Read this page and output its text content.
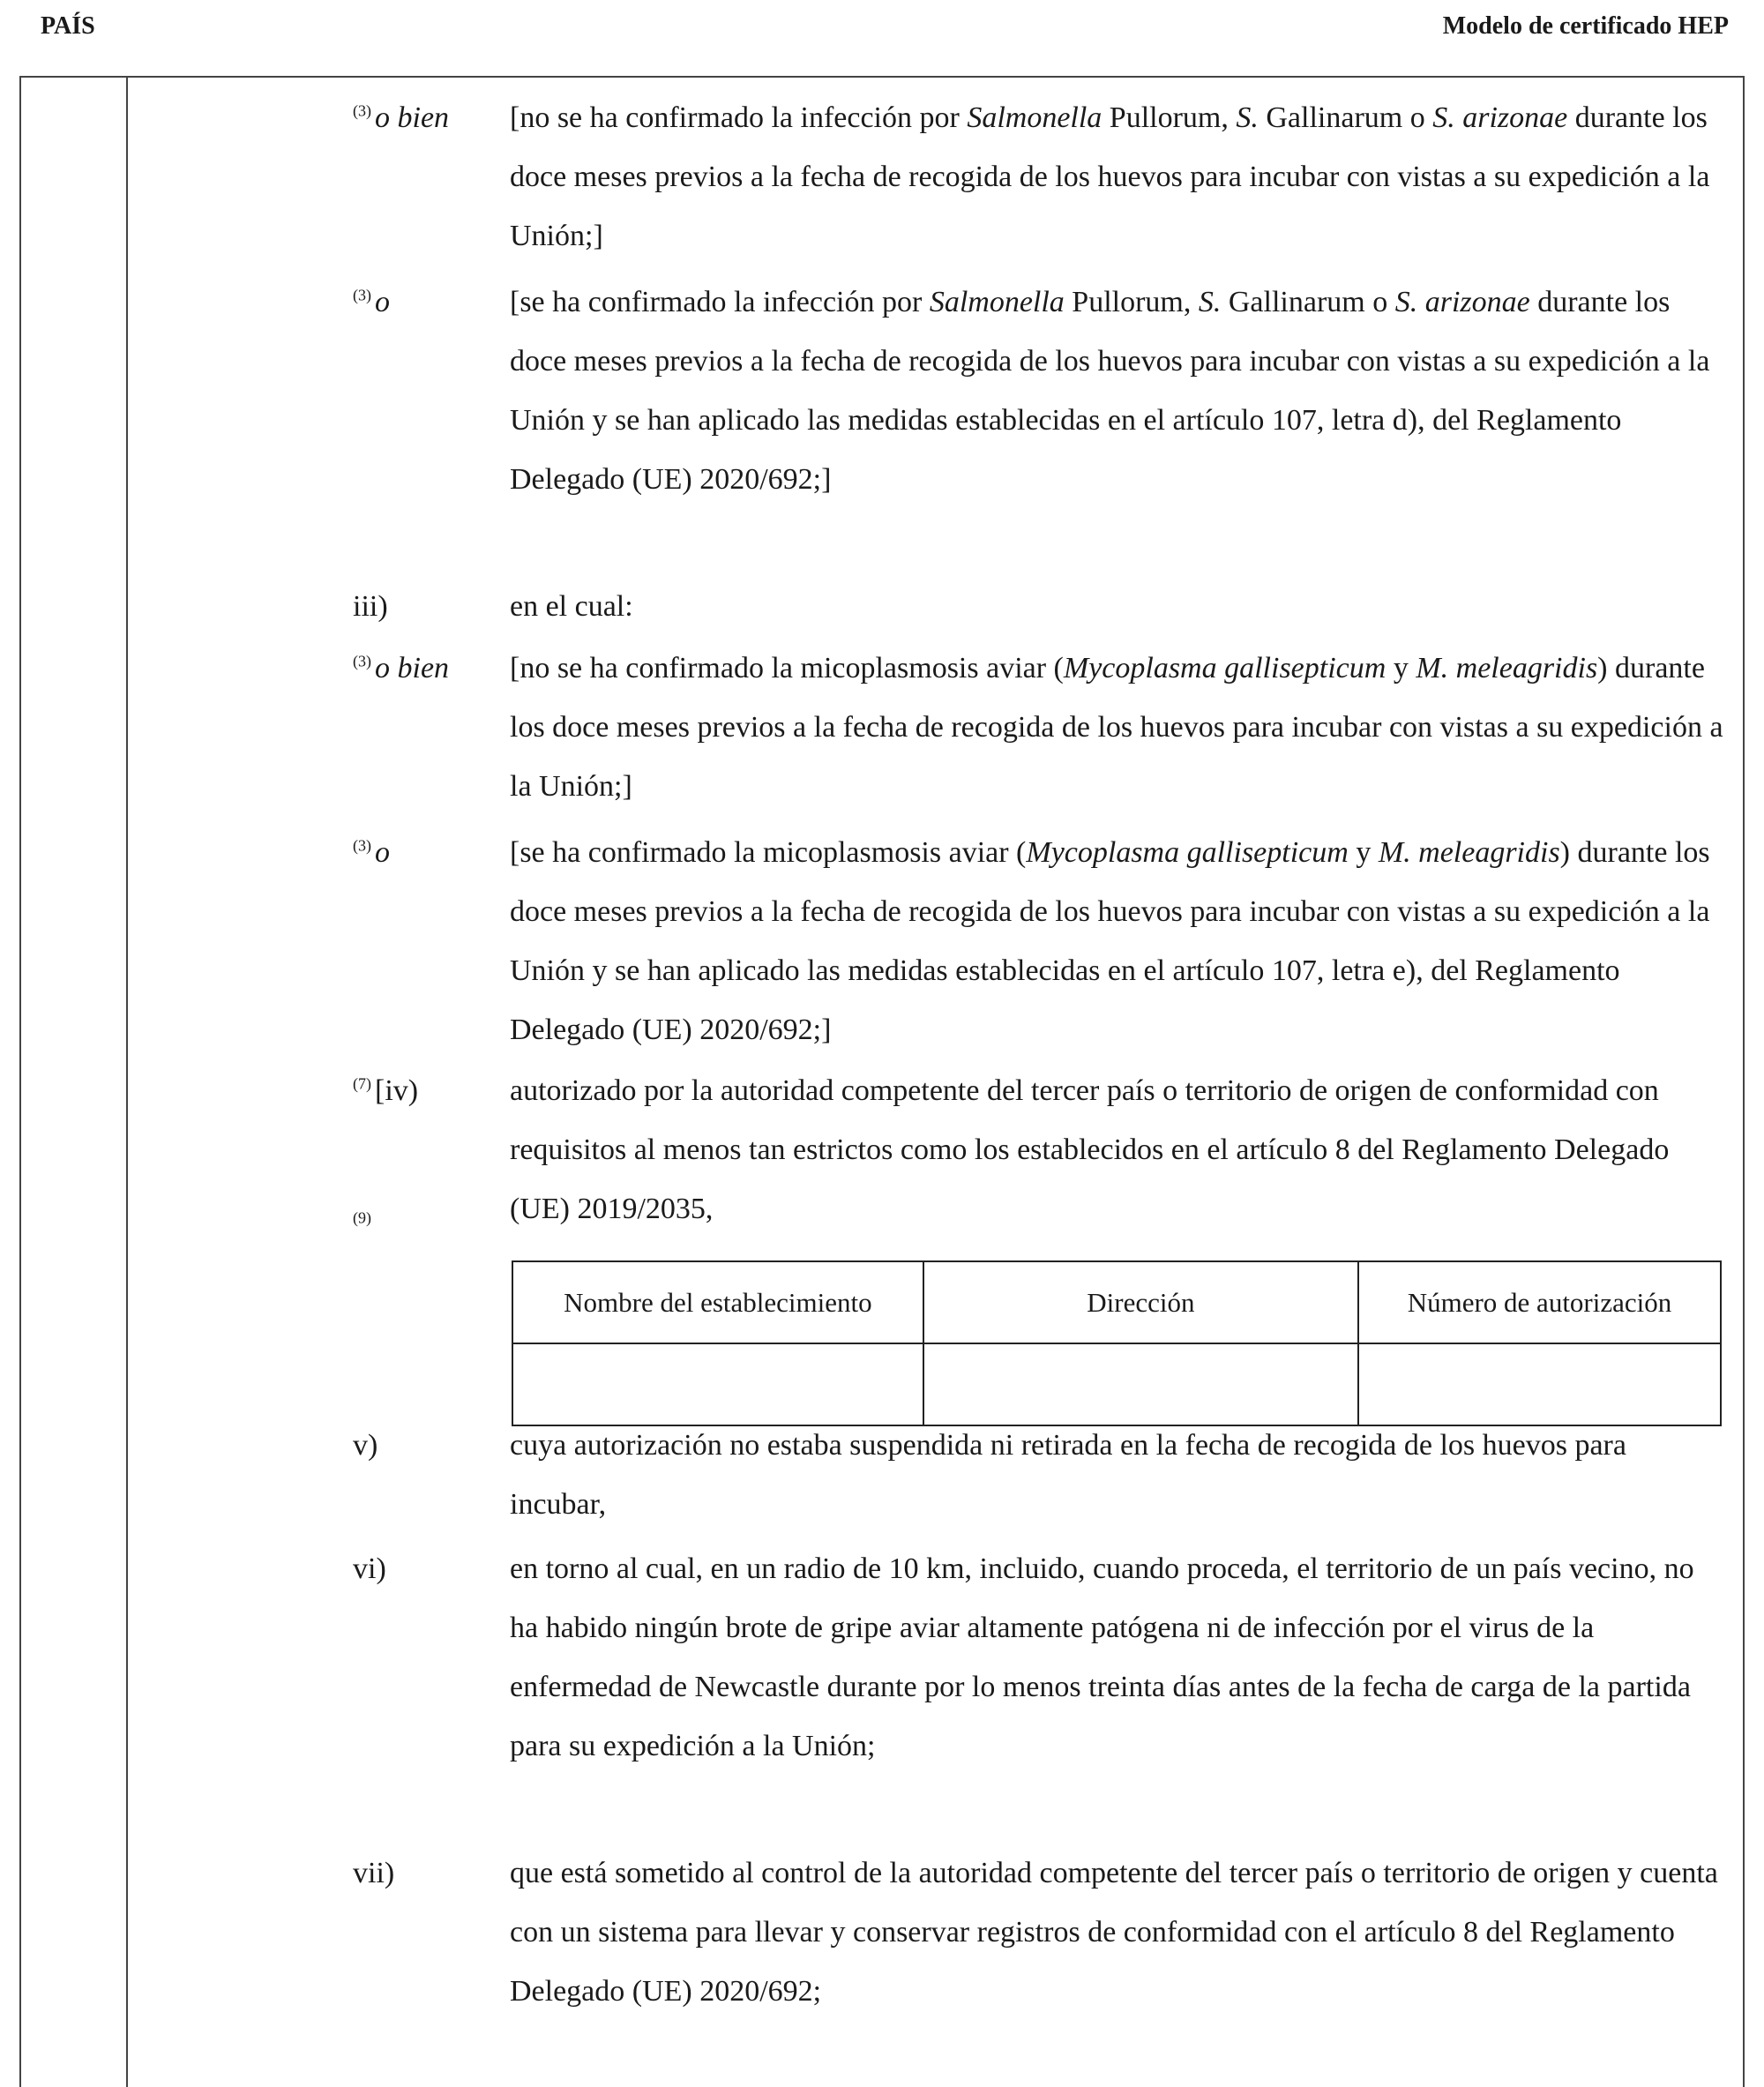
PAÍS	Modelo de certificado HEP
Nombre del establecimiento	Dirección	Número de autorización

$^{(3)}$ o bien	[no se ha confirmado la infección por Salmonella Pullorum, S. Gallinarum o S. arizonae durante los doce meses previos a la fecha de recogida de los huevos para incubar con vistas a su expedición a la Unión;]
$^{(3)}$ o	[se ha confirmado la infección por Salmonella Pullorum, S. Gallinarum o S. arizonae durante los doce meses previos a la fecha de recogida de los huevos para incubar con vistas a su expedición a la Unión y se han aplicado las medidas establecidas en el artículo 107, letra d), del Reglamento Delegado (UE) 2020/692;]
iii)	en el cual:
$^{(3)}$ o bien	[no se ha confirmado la micoplasmosis aviar (Mycoplasma gallisepticum y M. meleagridis) durante los doce meses previos a la fecha de recogida de los huevos para incubar con vistas a su expedición a la Unión;]
$^{(3)}$ o	[se ha confirmado la micoplasmosis aviar (Mycoplasma gallisepticum y M. meleagridis) durante los doce meses previos a la fecha de recogida de los huevos para incubar con vistas a su expedición a la Unión y se han aplicado las medidas establecidas en el artículo 107, letra e), del Reglamento Delegado (UE) 2020/692;]
$^{(7)}$ [iv)	autorizado por la autoridad competente del tercer país o territorio de origen de conformidad con requisitos al menos tan estrictos como los establecidos en el artículo 8 del Reglamento Delegado (UE) 2019/2035,
$^{(9)}$
v)	cuya autorización no estaba suspendida ni retirada en la fecha de recogida de los huevos para incubar,
vi)	en torno al cual, en un radio de 10 km, incluido, cuando proceda, el territorio de un país vecino, no ha habido ningún brote de gripe aviar altamente patógena ni de infección por el virus de la enfermedad de Newcastle durante por lo menos treinta días antes de la fecha de carga de la partida para su expedición a la Unión;
vii)	que está sometido al control de la autoridad competente del tercer país o territorio de origen y cuenta con un sistema para llevar y conservar registros de conformidad con el artículo 8 del Reglamento Delegado (UE) 2020/692;
